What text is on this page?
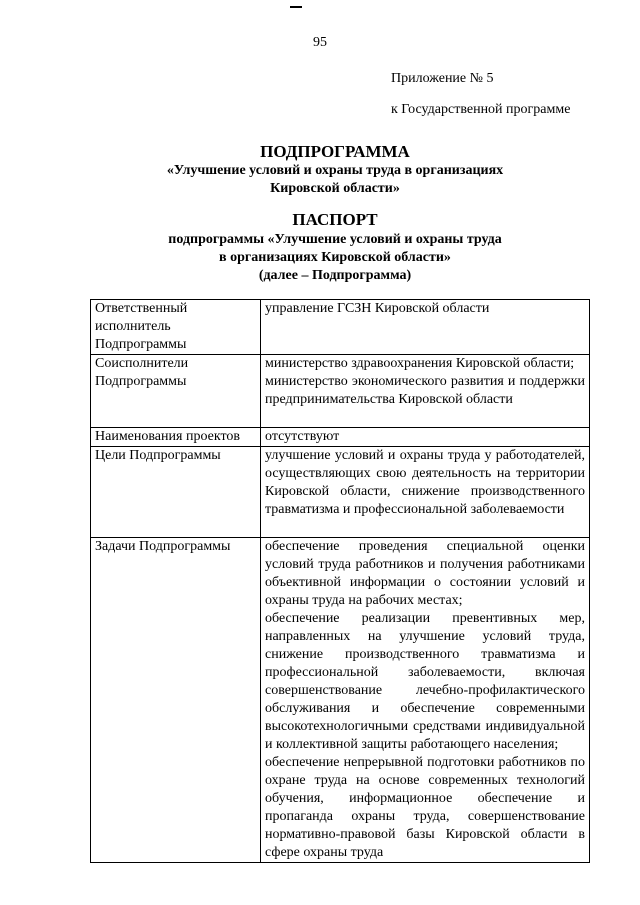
95
Приложение № 5
к Государственной программе
ПОДПРОГРАММА
«Улучшение условий и охраны труда в организациях
Кировской области»
ПАСПОРТ
подпрограммы «Улучшение условий и охраны труда
в организациях Кировской области»
(далее – Подпрограмма)
Ответственный исполнитель Подпрограммы	управление ГСЗН Кировской области

Соисполнители Подпрограммы	министерство здравоохранения Кировской области;
министерство экономического развития и поддержки предпринимательства Кировской области

Наименования проектов	отсутствуют

Цели Подпрограммы	улучшение условий и охраны труда у работодателей, осуществляющих свою деятельность на территории Кировской области, снижение производственного травматизма и профессиональной заболеваемости

Задачи Подпрограммы	обеспечение проведения специальной оценки условий труда работников и получения работниками объективной информации о состоянии условий и охраны труда на рабочих местах;
обеспечение реализации превентивных мер, направленных на улучшение условий труда, снижение производственного травматизма и профессиональной заболеваемости, включая совершенствование лечебно-профилактического обслуживания и обеспечение современными высокотехнологичными средствами индивидуальной и коллективной защиты работающего населения;
обеспечение непрерывной подготовки работников по охране труда на основе современных технологий обучения, информационное обеспечение и пропаганда охраны труда, совершенствование нормативно-правовой базы Кировской области в сфере охраны труда
